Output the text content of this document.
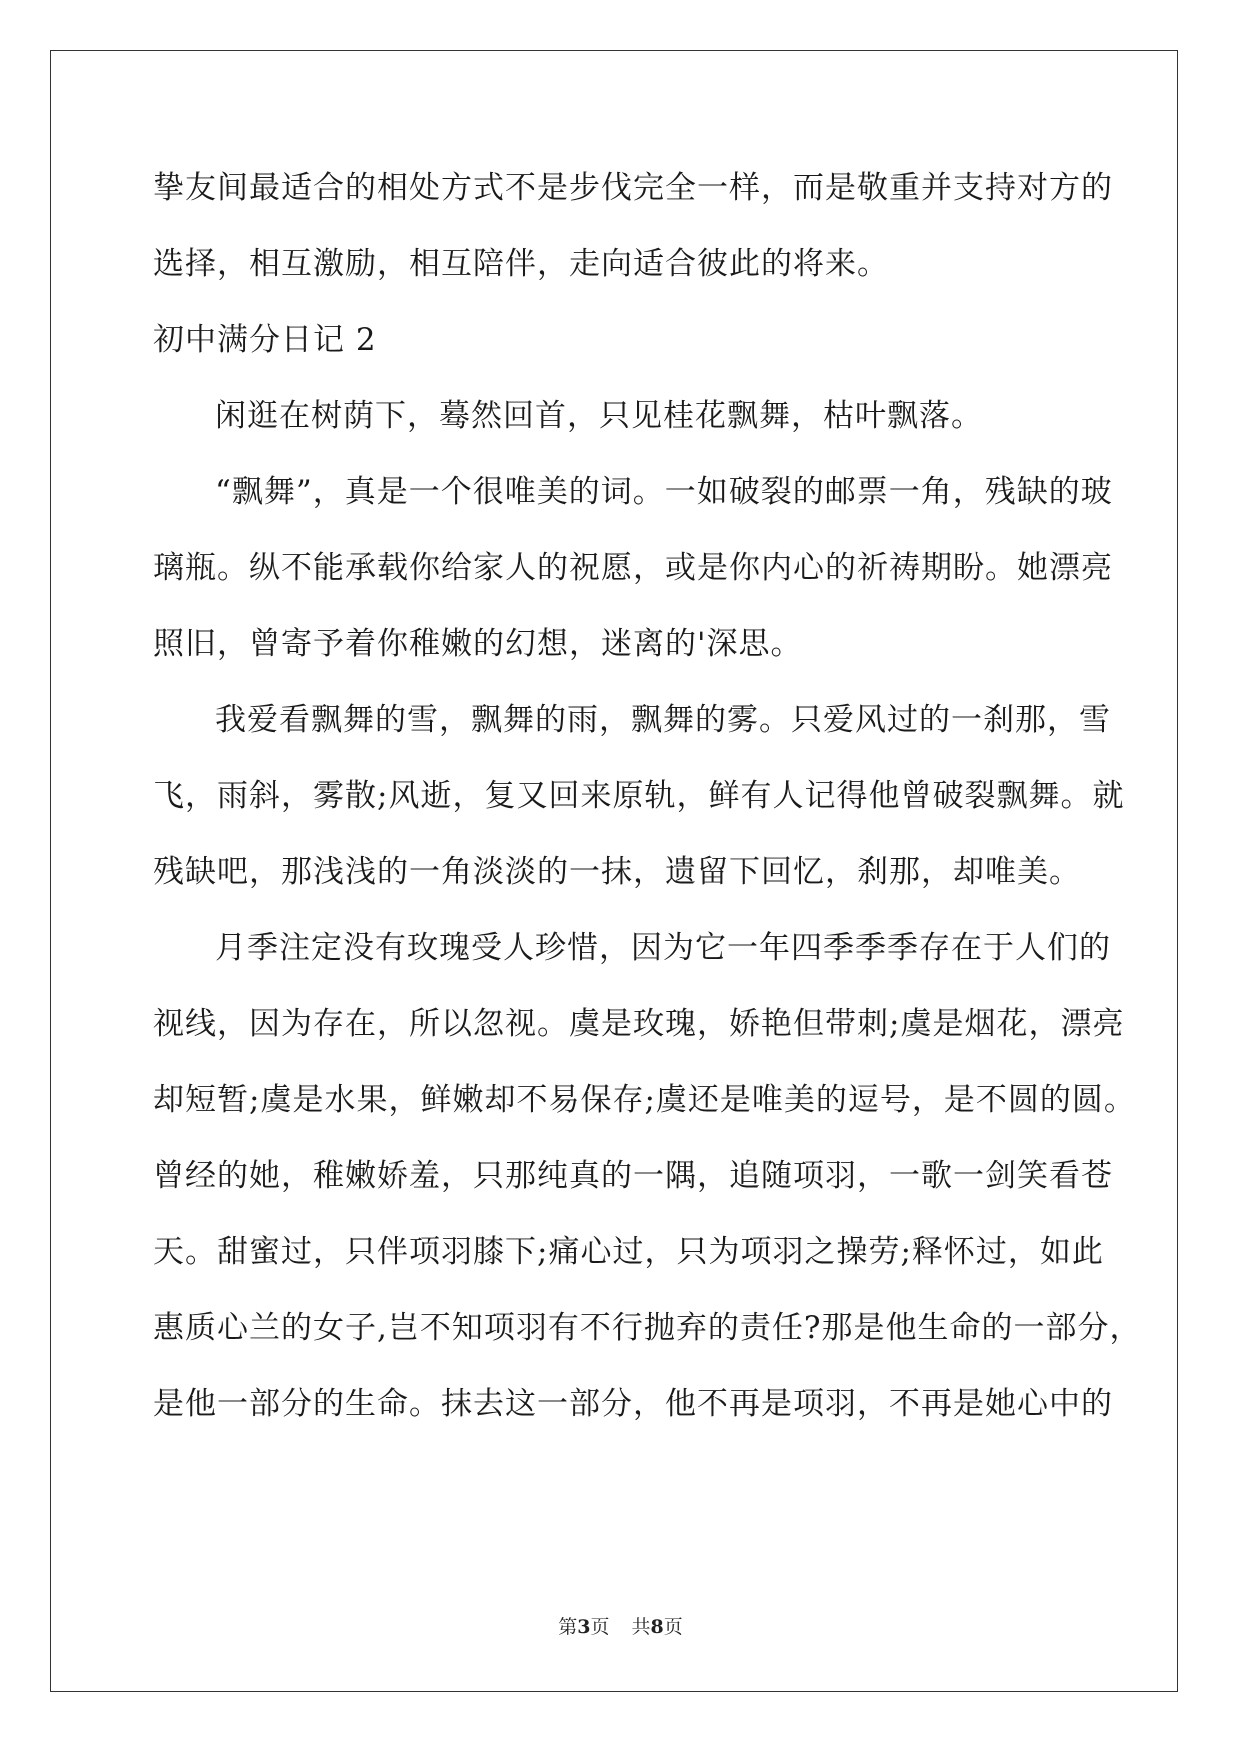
挚友间最适合的相处方式不是步伐完全一样，而是敬重并支持对方的
选择，相互激励，相互陪伴，走向适合彼此的将来。
初中满分日记 2
闲逛在树荫下，蓦然回首，只见桂花飘舞，枯叶飘落。
“飘舞”，真是一个很唯美的词。一如破裂的邮票一角，残缺的玻
璃瓶。纵不能承载你给家人的祝愿，或是你内心的祈祷期盼。她漂亮
照旧，曾寄予着你稚嫩的幻想，迷离的'深思。
我爱看飘舞的雪，飘舞的雨，飘舞的雾。只爱风过的一刹那，雪
飞，雨斜，雾散;风逝，复又回来原轨，鲜有人记得他曾破裂飘舞。就
残缺吧，那浅浅的一角淡淡的一抹，遗留下回忆，刹那，却唯美。
月季注定没有玫瑰受人珍惜，因为它一年四季季季存在于人们的
视线，因为存在，所以忽视。虞是玫瑰，娇艳但带刺;虞是烟花，漂亮
却短暂;虞是水果，鲜嫩却不易保存;虞还是唯美的逗号，是不圆的圆。
曾经的她，稚嫩娇羞，只那纯真的一隅，追随项羽，一歌一剑笑看苍
天。甜蜜过，只伴项羽膝下;痛心过，只为项羽之操劳;释怀过，如此
惠质心兰的女子,岂不知项羽有不行抛弃的责任?那是他生命的一部分，
是他一部分的生命。抹去这一部分，他不再是项羽，不再是她心中的
第3页 共8页
